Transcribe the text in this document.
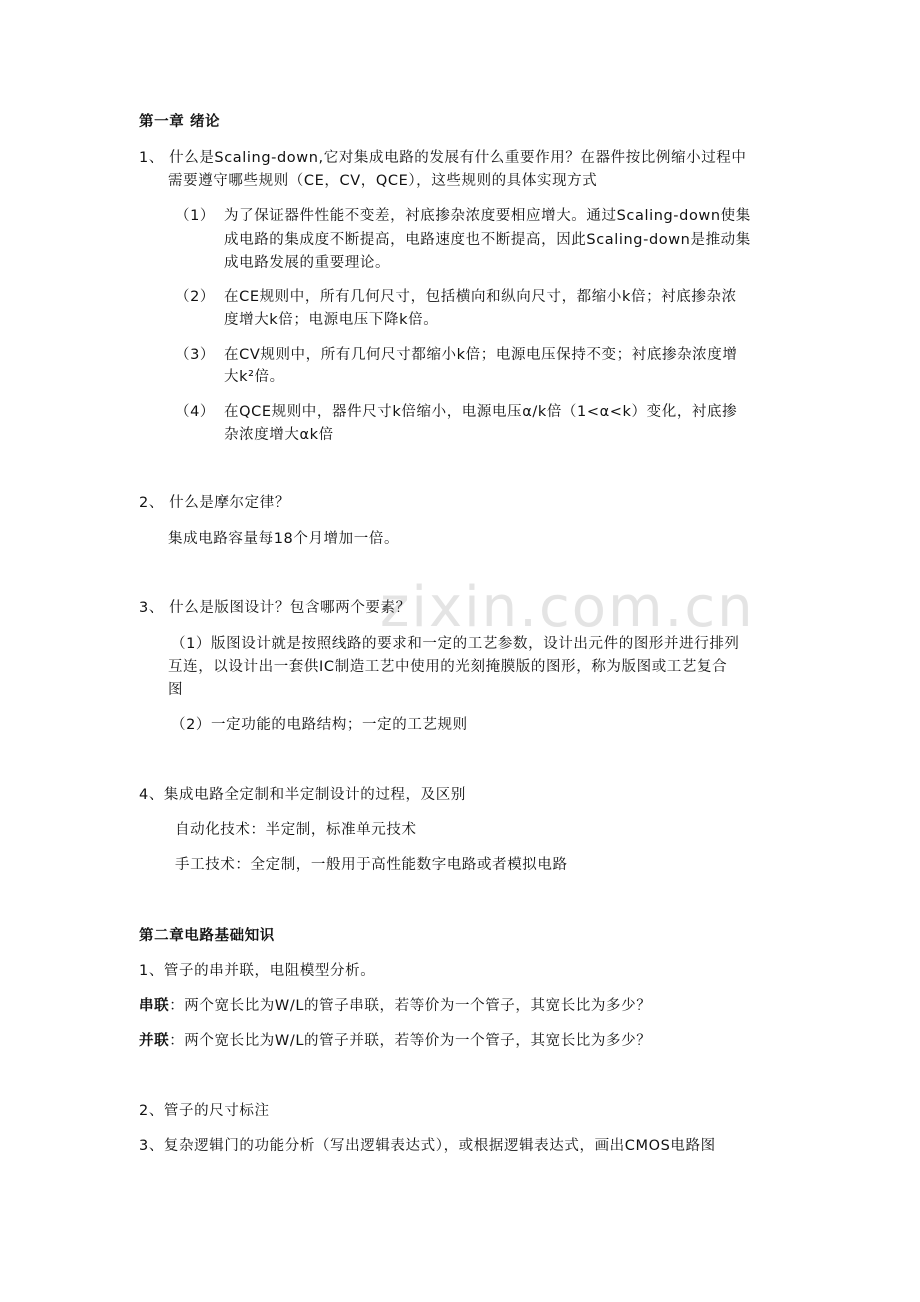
zixin.com.cn
第一章 绪论
1、 什么是Scaling-down,它对集成电路的发展有什么重要作用？在器件按比例缩小过程中
需要遵守哪些规则（CE，CV，QCE），这些规则的具体实现方式
（1） 为了保证器件性能不变差，衬底掺杂浓度要相应增大。通过Scaling-down使集
成电路的集成度不断提高，电路速度也不断提高，因此Scaling-down是推动集
成电路发展的重要理论。
（2） 在CE规则中，所有几何尺寸，包括横向和纵向尺寸，都缩小k倍；衬底掺杂浓
度增大k倍；电源电压下降k倍。
（3） 在CV规则中，所有几何尺寸都缩小k倍；电源电压保持不变；衬底掺杂浓度增
大k²倍。
（4） 在QCE规则中，器件尺寸k倍缩小，电源电压α/k倍（1<α<k）变化，衬底掺
杂浓度增大αk倍
2、 什么是摩尔定律？
集成电路容量每18个月增加一倍。
3、 什么是版图设计？包含哪两个要素？
（1）版图设计就是按照线路的要求和一定的工艺参数，设计出元件的图形并进行排列
互连，以设计出一套供IC制造工艺中使用的光刻掩膜版的图形，称为版图或工艺复合
图
（2）一定功能的电路结构；一定的工艺规则
4、集成电路全定制和半定制设计的过程，及区别
自动化技术：半定制，标准单元技术
手工技术：全定制，一般用于高性能数字电路或者模拟电路
第二章电路基础知识
1、管子的串并联，电阻模型分析。
串联：两个宽长比为W/L的管子串联，若等价为一个管子，其宽长比为多少？
并联：两个宽长比为W/L的管子并联，若等价为一个管子，其宽长比为多少？
2、管子的尺寸标注
3、复杂逻辑门的功能分析（写出逻辑表达式），或根据逻辑表达式，画出CMOS电路图
